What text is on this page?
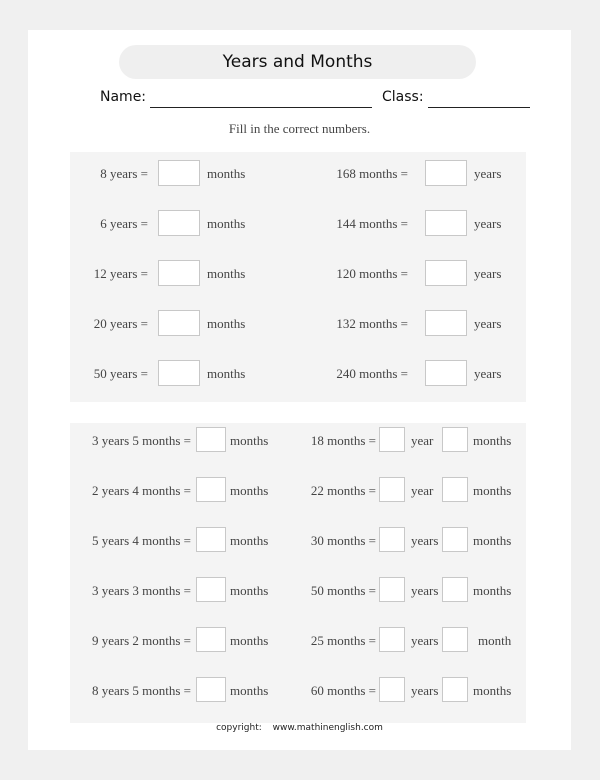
Years and Months
Name:	Class:
Fill in the correct numbers.
8 years =	months	168 months =	years
6 years =	months	144 months =	years
12 years =	months	120 months =	years
20 years =	months	132 months =	years
50 years =	months	240 months =	years
3 years 5 months =	months	18 months =	year	months
2 years 4 months =	months	22 months =	year	months
5 years 4 months =	months	30 months =	years	months
3 years 3 months =	months	50 months =	years	months
9 years 2 months =	months	25 months =	years	month
8 years 5 months =	months	60 months =	years	months
copyright: www.mathinenglish.com
